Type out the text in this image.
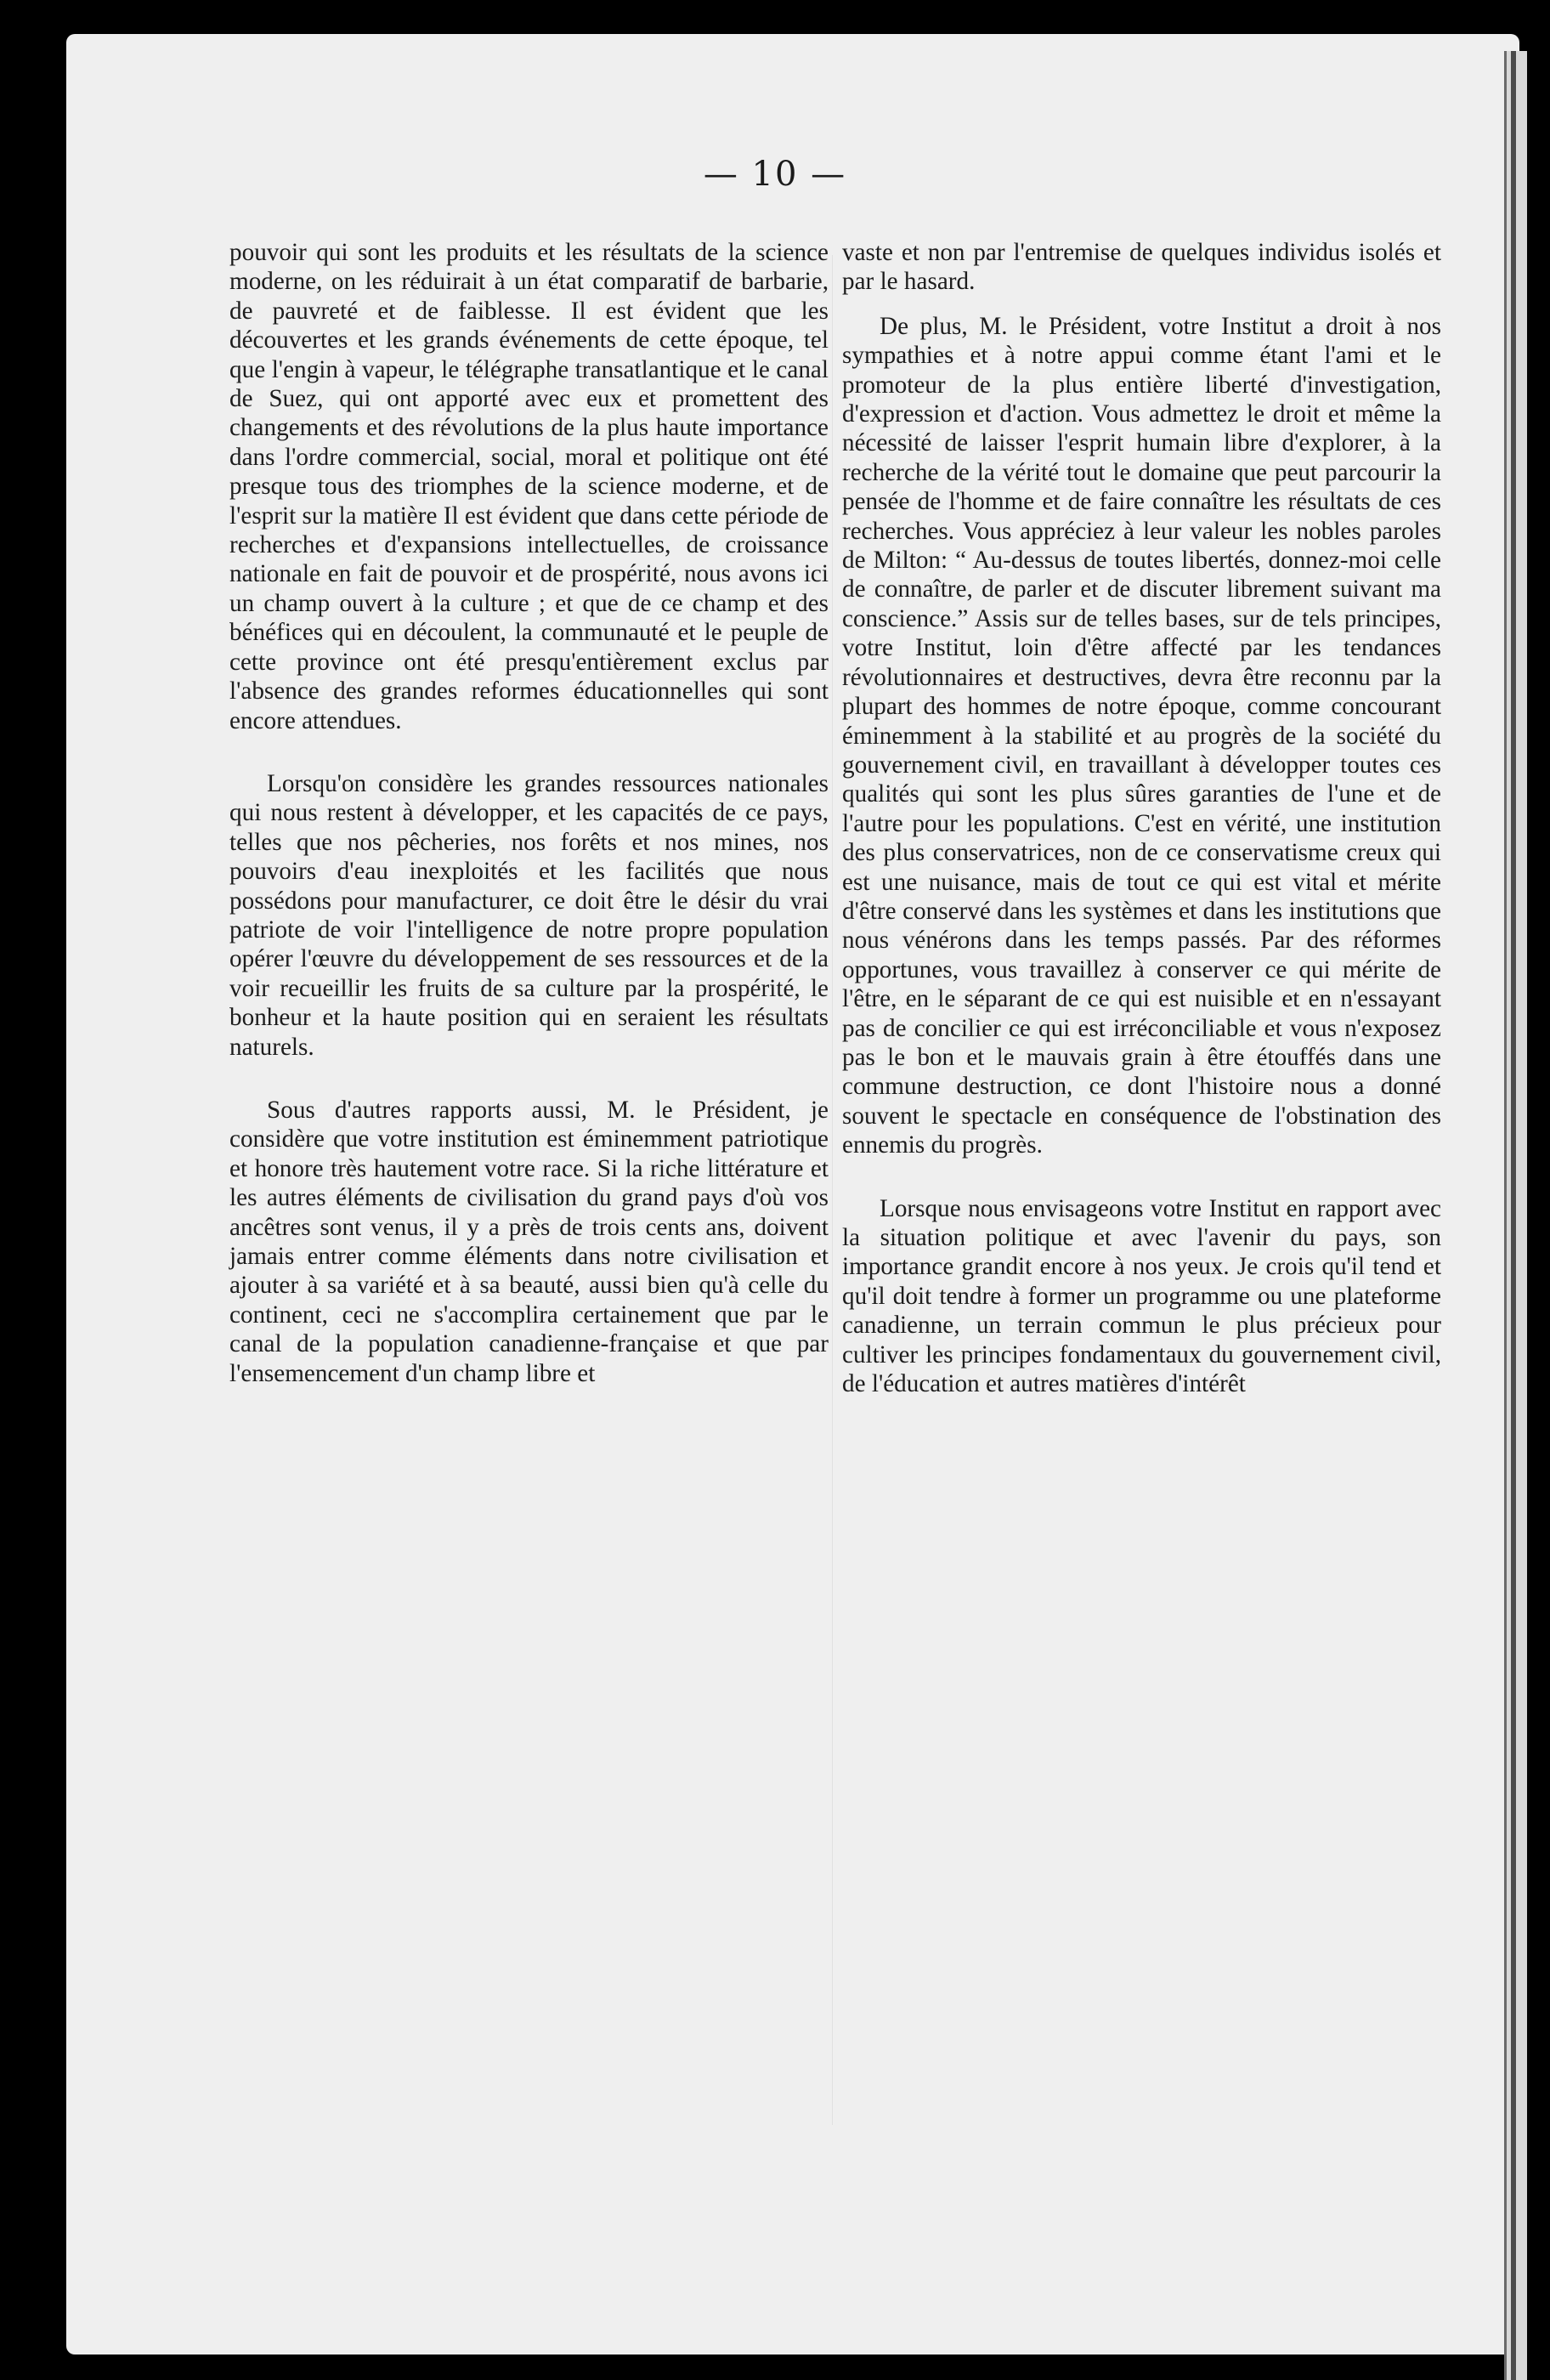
— 10 —

pouvoir qui sont les produits et les résultats de la science moderne, on les réduirait à un état comparatif de barbarie, de pauvreté et de faiblesse. Il est évident que les découvertes et les grands événements de cette époque, tel que l'engin à vapeur, le télégraphe transatlantique et le canal de Suez, qui ont apporté avec eux et promettent des changements et des révolutions de la plus haute importance dans l'ordre commercial, social, moral et politique ont été presque tous des triomphes de la science moderne, et de l'esprit sur la matière Il est évident que dans cette période de recherches et d'expansions intellectuelles, de croissance nationale en fait de pouvoir et de prospérité, nous avons ici un champ ouvert à la culture ; et que de ce champ et des bénéfices qui en découlent, la communauté et le peuple de cette province ont été presqu'entièrement exclus par l'absence des grandes reformes éducationnelles qui sont encore attendues.

Lorsqu'on considère les grandes ressources nationales qui nous restent à développer, et les capacités de ce pays, telles que nos pêcheries, nos forêts et nos mines, nos pouvoirs d'eau inexploités et les facilités que nous possédons pour manufacturer, ce doit être le désir du vrai patriote de voir l'intelligence de notre propre population opérer l'œuvre du développement de ses ressources et de la voir recueillir les fruits de sa culture par la prospérité, le bonheur et la haute position qui en seraient les résultats naturels.

Sous d'autres rapports aussi, M. le Président, je considère que votre institution est éminemment patriotique et honore très hautement votre race. Si la riche littérature et les autres éléments de civilisation du grand pays d'où vos ancêtres sont venus, il y a près de trois cents ans, doivent jamais entrer comme éléments dans notre civilisation et ajouter à sa variété et à sa beauté, aussi bien qu'à celle du continent, ceci ne s'accomplira certainement que par le canal de la population canadienne-française et que par l'ensemencement d'un champ libre et

vaste et non par l'entremise de quelques individus isolés et par le hasard.

De plus, M. le Président, votre Institut a droit à nos sympathies et à notre appui comme étant l'ami et le promoteur de la plus entière liberté d'investigation, d'expression et d'action. Vous admettez le droit et même la nécessité de laisser l'esprit humain libre d'explorer, à la recherche de la vérité tout le domaine que peut parcourir la pensée de l'homme et de faire connaître les résultats de ces recherches. Vous appréciez à leur valeur les nobles paroles de Milton: “ Au-dessus de toutes libertés, donnez-moi celle de connaître, de parler et de discuter librement suivant ma conscience.” Assis sur de telles bases, sur de tels principes, votre Institut, loin d'être affecté par les tendances révolutionnaires et destructives, devra être reconnu par la plupart des hommes de notre époque, comme concourant éminemment à la stabilité et au progrès de la société du gouvernement civil, en travaillant à développer toutes ces qualités qui sont les plus sûres garanties de l'une et de l'autre pour les populations. C'est en vérité, une institution des plus conservatrices, non de ce conservatisme creux qui est une nuisance, mais de tout ce qui est vital et mérite d'être conservé dans les systèmes et dans les institutions que nous vénérons dans les temps passés. Par des réformes opportunes, vous travaillez à conserver ce qui mérite de l'être, en le séparant de ce qui est nuisible et en n'essayant pas de concilier ce qui est irréconciliable et vous n'exposez pas le bon et le mauvais grain à être étouffés dans une commune destruction, ce dont l'histoire nous a donné souvent le spectacle en conséquence de l'obstination des ennemis du progrès.

Lorsque nous envisageons votre Institut en rapport avec la situation politique et avec l'avenir du pays, son importance grandit encore à nos yeux. Je crois qu'il tend et qu'il doit tendre à former un programme ou une plateforme canadienne, un terrain commun le plus précieux pour cultiver les principes fondamentaux du gouvernement civil, de l'éducation et autres matières d'intérêt
